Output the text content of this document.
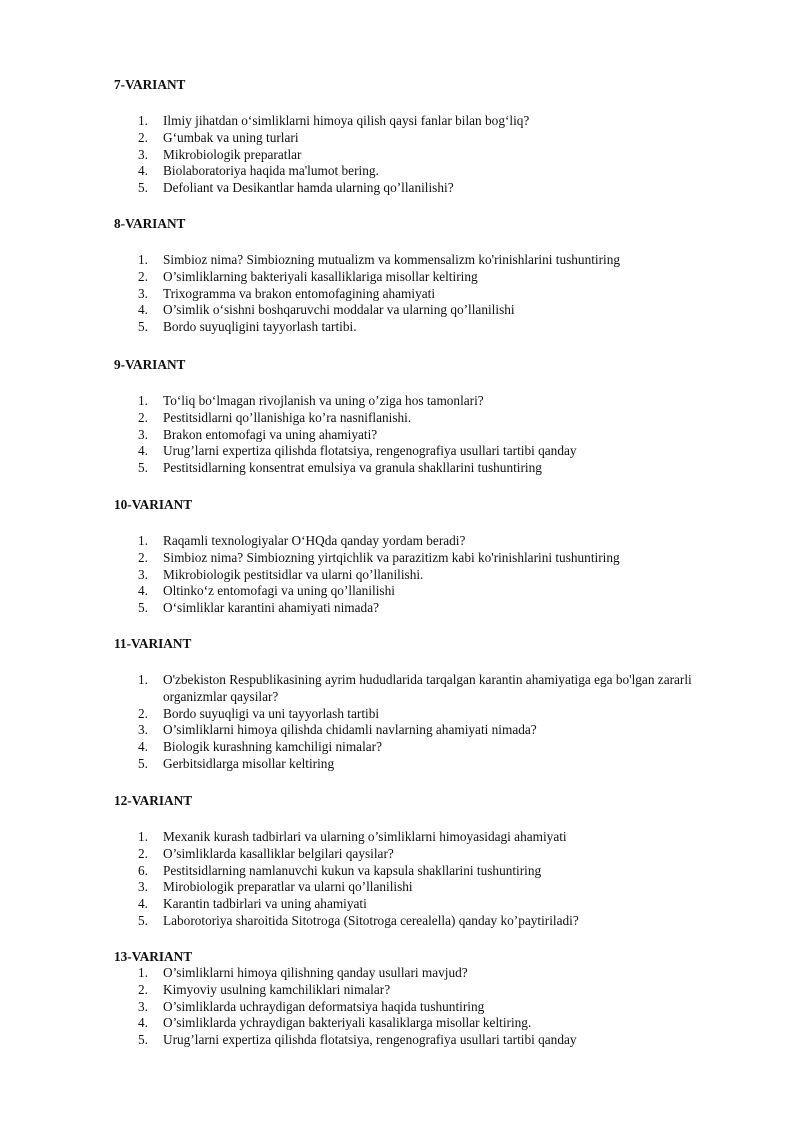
7-VARIANT

1. Ilmiy jihatdan o‘simliklarni himoya qilish qaysi fanlar bilan bog‘liq?
2. G‘umbak va uning turlari
3. Mikrobiologik preparatlar
4. Biolaboratoriya haqida ma'lumot bering.
5. Defoliant va Desikantlar hamda ularning qo’llanilishi?

8-VARIANT

1. Simbioz nima? Simbiozning mutualizm va kommensalizm ko'rinishlarini tushuntiring
2. O’simliklarning bakteriyali kasalliklariga misollar keltiring
3. Trixogramma va brakon entomofagining ahamiyati
4. O’simlik o‘sishni boshqaruvchi moddalar va ularning qo’llanilishi
5. Bordo suyuqligini tayyorlash tartibi.

9-VARIANT

1. To‘liq bo‘lmagan rivojlanish va uning o’ziga hos tamonlari?
2. Pestitsidlarni qo’llanishiga ko’ra nasniflanishi.
3. Brakon entomofagi va uning ahamiyati?
4. Urug’larni expertiza qilishda flotatsiya, rengenografiya usullari tartibi qanday
5. Pestitsidlarning konsentrat emulsiya va granula shakllarini tushuntiring

10-VARIANT

1. Raqamli texnologiyalar O‘HQda qanday yordam beradi?
2. Simbioz nima? Simbiozning yirtqichlik va parazitizm kabi ko'rinishlarini tushuntiring
3. Mikrobiologik pestitsidlar va ularni qo’llanilishi.
4. Oltinko‘z entomofagi va uning qo’llanilishi
5. O‘simliklar karantini ahamiyati nimada?

11-VARIANT

1. O'zbekiston Respublikasining ayrim hududlarida tarqalgan karantin ahamiyatiga ega bo'lgan zararli organizmlar qaysilar?
2. Bordo suyuqligi va uni tayyorlash tartibi
3. O’simliklarni himoya qilishda chidamli navlarning ahamiyati nimada?
4. Biologik kurashning kamchiligi nimalar?
5. Gerbitsidlarga misollar keltiring

12-VARIANT

1. Mexanik kurash tadbirlari va ularning o’simliklarni himoyasidagi ahamiyati
2. O’simliklarda kasalliklar belgilari qaysilar?
6. Pestitsidlarning namlanuvchi kukun va kapsula shakllarini tushuntiring
3. Mirobiologik preparatlar va ularni qo’llanilishi
4. Karantin tadbirlari va uning ahamiyati
5. Laborotoriya sharoitida Sitotroga (Sitotroga cerealella) qanday ko’paytiriladi?

13-VARIANT

1. O’simliklarni himoya qilishning qanday usullari mavjud?
2. Kimyoviy usulning kamchiliklari nimalar?
3. O’simliklarda uchraydigan deformatsiya haqida tushuntiring
4. O’simliklarda ychraydigan bakteriyali kasaliklarga misollar keltiring.
5. Urug’larni expertiza qilishda flotatsiya, rengenografiya usullari tartibi qanday
